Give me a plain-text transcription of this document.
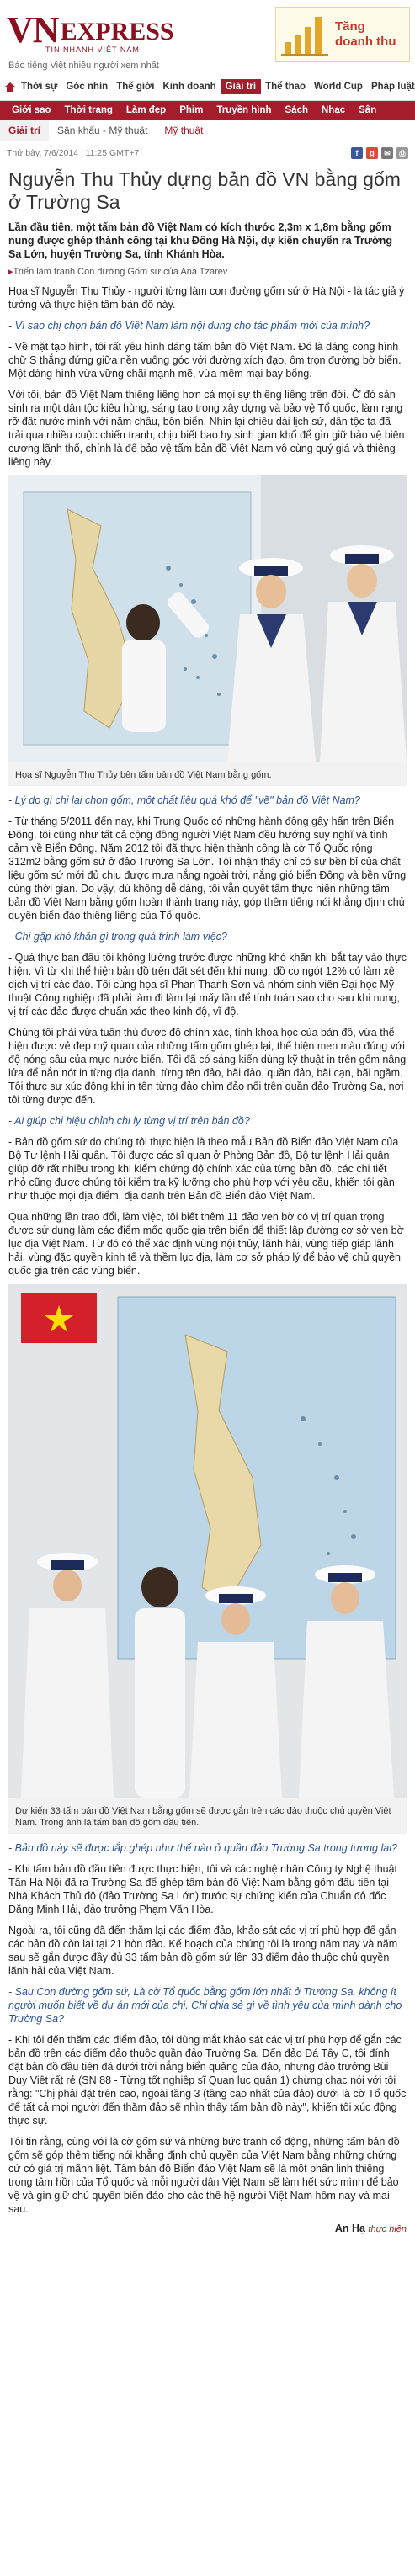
VN EXPRESS
TIN NHANH VIỆT NAM
Báo tiếng Việt nhiều người xem nhất
Tăng
doanh thu
Thời sự Góc nhìn Thế giới Kinh doanh Giải trí Thể thao World Cup Pháp luật
Giới sao	Thời trang	Làm đẹp	Phim	Truyền hình	Sách	Nhạc	Sân
Giải trí	Sân khấu - Mỹ thuật	Mỹ thuật
Thứ bảy, 7/6/2014 | 11:25 GMT+7	f	g	✉	⎙
Nguyễn Thu Thủy dựng bản đồ VN bằng gốm ở Trường Sa
Lần đầu tiên, một tấm bản đồ Việt Nam có kích thước 2,3m x 1,8m bằng gốm nung được ghép thành công tại khu Đông Hà Nội, dự kiến chuyển ra Trường Sa Lớn, huyện Trường Sa, tỉnh Khánh Hòa.
▸ Triển lãm tranh Con đường Gốm sứ của Ana Tzarev

Họa sĩ Nguyễn Thu Thủy - người từng làm con đường gốm sứ ở Hà Nội - là tác giả ý tưởng và thực hiện tấm bản đồ này.

- Vì sao chị chọn bản đồ Việt Nam làm nội dung cho tác phẩm mới của mình?

- Về mặt tạo hình, tôi rất yêu hình dáng tấm bản đồ Việt Nam. Đó là dáng cong hình chữ S thắng đứng giữa nền vuông góc với đường xích đạo, ôm trọn đường bờ biển. Một dáng hình vừa vững chãi mạnh mẽ, vừa mềm mại bay bổng.

Với tôi, bản đồ Việt Nam thiêng liêng hơn cả mọi sự thiêng liêng trên đời. Ở đó sản sinh ra một dân tộc kiêu hùng, sáng tạo trong xây dựng và bảo vệ Tổ quốc, làm rạng rỡ đất nước mình với năm châu, bốn biển. Nhìn lại chiều dài lịch sử, dân tộc ta đã trải qua nhiều cuộc chiến tranh, chịu biết bao hy sinh gian khổ để gìn giữ bảo vệ biên cương lãnh thổ, chính là để bảo vệ tấm bản đồ Việt Nam vô cùng quý giá và thiêng liêng này.

Họa sĩ Nguyễn Thu Thủy bên tấm bản đồ Việt Nam bằng gốm.

- Lý do gì chị lại chọn gốm, một chất liệu quá khó để "vẽ" bản đồ Việt Nam?

- Từ tháng 5/2011 đến nay, khi Trung Quốc có những hành động gây hấn trên Biển Đông, tôi cũng như tất cả cộng đồng người Việt Nam đều hướng suy nghĩ và tình cảm về Biển Đông. Năm 2012 tôi đã thực hiện thành công là cờ Tổ Quốc rộng 312m2 bằng gốm sứ ở đảo Trường Sa Lớn. Tôi nhận thấy chỉ có sự bền bỉ của chất liệu gốm sứ mới đủ chịu được mưa nắng ngoài trời, nắng gió biển Đông và bền vững cùng thời gian. Do vậy, dù không dễ dàng, tôi vẫn quyết tâm thực hiện những tấm bản đồ Việt Nam bằng gốm hoàn thành trang này, góp thêm tiếng nói khẳng định chủ quyền biển đảo thiêng liêng của Tổ quốc.

- Chị gặp khó khăn gì trong quá trình làm việc?

- Quá thực ban đầu tôi không lường trước được những khó khăn khi bắt tay vào thực hiện. Vì từ khi thể hiện bản đồ trên đất sét đến khi nung, đồ co ngót 12% có làm xê dịch vị trí các đảo. Tôi cùng họa sĩ Phan Thanh Sơn và nhóm sinh viên Đại học Mỹ thuật Công nghiệp đã phải làm đi làm lại mấy lần để tính toán sao cho sau khi nung, vị trí các đảo được chuẩn xác theo kinh độ, vĩ độ.

Chúng tôi phải vừa tuân thủ được độ chính xác, tính khoa học của bản đồ, vừa thể hiện được vẻ đẹp mỹ quan của những tấm gốm ghép lại, thể hiện men màu đúng với độ nóng sâu của mực nước biển. Tôi đã có sáng kiến dùng kỹ thuật in trên gốm nâng lửa để nắn nót in từng địa danh, từng tên đảo, bãi đảo, quần đảo, bãi cạn, bãi ngầm. Tôi thực sự xúc động khi in tên từng đảo chìm đảo nổi trên quần đảo Trường Sa, nơi tôi từng được đến.

- Ai giúp chị hiệu chỉnh chi ly từng vị trí trên bản đồ?

- Bản đồ gốm sứ do chúng tôi thực hiện là theo mẫu Bản đồ Biển đảo Việt Nam của Bộ Tư lệnh Hải quân. Tôi được các sĩ quan ở Phòng Bản đồ, Bộ tư lệnh Hải quân giúp đỡ rất nhiều trong khi kiểm chứng độ chính xác của từng bản đồ, các chi tiết nhỏ cũng được chúng tôi kiểm tra kỹ lưỡng cho phù hợp với yêu cầu, khiến tôi gần như thuộc mọi địa điểm, địa danh trên Bản đồ Biển đảo Việt Nam.

Qua những lần trao đổi, làm việc, tôi biết thêm 11 đảo ven bờ có vị trí quan trọng được sử dụng làm các điểm mốc quốc gia trên biển để thiết lập đường cơ sở ven bờ lục địa Việt Nam. Từ đó có thể xác định vùng nội thủy, lãnh hải, vùng tiếp giáp lãnh hải, vùng đặc quyền kinh tế và thềm lục địa, làm cơ sở pháp lý để bảo vệ chủ quyền quốc gia trên các vùng biển.

Dự kiến 33 tấm bản đồ Việt Nam bằng gốm sẽ được gắn trên các đảo thuộc chủ quyền Việt Nam. Trong ảnh là tấm bản đồ gốm đầu tiên.

- Bản đồ này sẽ được lắp ghép như thế nào ở quần đảo Trường Sa trong tương lai?

- Khi tấm bản đồ đầu tiên được thực hiện, tôi và các nghệ nhân Công ty Nghệ thuật Tân Hà Nội đã ra Trường Sa để ghép tấm bản đồ Việt Nam bằng gốm đầu tiên tại Nhà Khách Thủ đô (đảo Trường Sa Lớn) trước sự chứng kiến của Chuẩn đô đốc Đặng Minh Hải, đảo trưởng Phạm Văn Hòa.

Ngoài ra, tôi cũng đã đến thăm lại các điểm đảo, khảo sát các vị trí phù hợp để gắn các bản đồ còn lại tại 21 hòn đảo. Kế hoạch của chúng tôi là trong năm nay và năm sau sẽ gắn được đầy đủ 33 tấm bản đồ gốm sứ lên 33 điểm đảo thuộc chủ quyền lãnh hải của Việt Nam.

- Sau Con đường gốm sứ, Là cờ Tổ quốc bằng gốm lớn nhất ở Trường Sa, không ít người muốn biết về dự án mới của chị. Chị chia sẻ gì về tình yêu của mình dành cho Trường Sa?

- Khi tôi đến thăm các điểm đảo, tôi dùng mắt khảo sát các vị trí phù hợp để gắn các bản đồ trên các điểm đảo thuộc quần đảo Trường Sa. Đến đảo Đá Tây C, tôi đính đặt bản đồ đầu tiên đá dưới trời nắng biển quảng của đảo, nhưng đảo trưởng Bùi Duy Việt rất rẻ (SN 88 - Từng tốt nghiệp sĩ Quan lục quân 1) chừng chạc nói với tôi rằng: "Chị phải đặt trên cao, ngoài tầng 3 (tầng cao nhất của đảo) dưới là cờ Tổ quốc để tất cả mọi người đến thăm đảo sẽ nhìn thấy tấm bản đồ này", khiến tôi xúc động thực sự.

Tôi tin rằng, cùng với là cờ gốm sứ và những bức tranh cổ động, những tấm bản đồ gốm sẽ góp thêm tiếng nói khẳng định chủ quyền của Việt Nam bằng những chứng cứ có giá trị mãnh liệt. Tấm bản đồ Biển đảo Việt Nam sẽ là một phần linh thiêng trong tâm hồn của Tổ quốc và mỗi người dân Việt Nam sẽ làm hết sức mình để bảo vệ và gìn giữ chủ quyền biển đảo cho các thế hệ người Việt Nam hôm nay và mai sau.

An Hạ thực hiện
